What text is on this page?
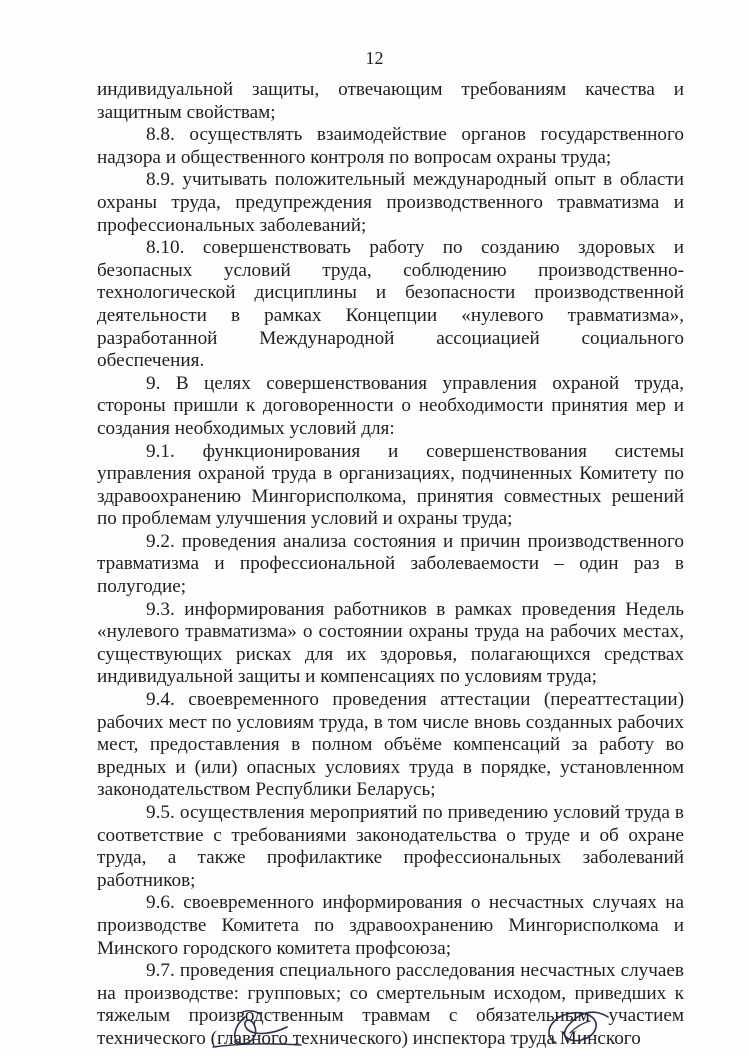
12

индивидуальной защиты, отвечающим требованиям качества и защитным свойствам;

8.8. осуществлять взаимодействие органов государственного надзора и общественного контроля по вопросам охраны труда;

8.9. учитывать положительный международный опыт в области охраны труда, предупреждения производственного травматизма и профессиональных заболеваний;

8.10. совершенствовать работу по созданию здоровых и безопасных условий труда, соблюдению производственно-технологической дисциплины и безопасности производственной деятельности в рамках Концепции «нулевого травматизма», разработанной Международной ассоциацией социального обеспечения.

9. В целях совершенствования управления охраной труда, стороны пришли к договоренности о необходимости принятия мер и создания необходимых условий для:

9.1. функционирования и совершенствования системы управления охраной труда в организациях, подчиненных Комитету по здравоохранению Мингорисполкома, принятия совместных решений по проблемам улучшения условий и охраны труда;

9.2. проведения анализа состояния и причин производственного травматизма и профессиональной заболеваемости – один раз в полугодие;

9.3. информирования работников в рамках проведения Недель «нулевого травматизма» о состоянии охраны труда на рабочих местах, существующих рисках для их здоровья, полагающихся средствах индивидуальной защиты и компенсациях по условиям труда;

9.4. своевременного проведения аттестации (переаттестации) рабочих мест по условиям труда, в том числе вновь созданных рабочих мест, предоставления в полном объёме компенсаций за работу во вредных и (или) опасных условиях труда в порядке, установленном законодательством Республики Беларусь;

9.5. осуществления мероприятий по приведению условий труда в соответствие с требованиями законодательства о труде и об охране труда, а также профилактике профессиональных заболеваний работников;

9.6. своевременного информирования о несчастных случаях на производстве Комитета по здравоохранению Мингорисполкома и Минского городского комитета профсоюза;

9.7. проведения специального расследования несчастных случаев на производстве: групповых; со смертельным исходом, приведших к тяжелым производственным травмам с обязательным участием технического (главного технического) инспектора труда Минского
